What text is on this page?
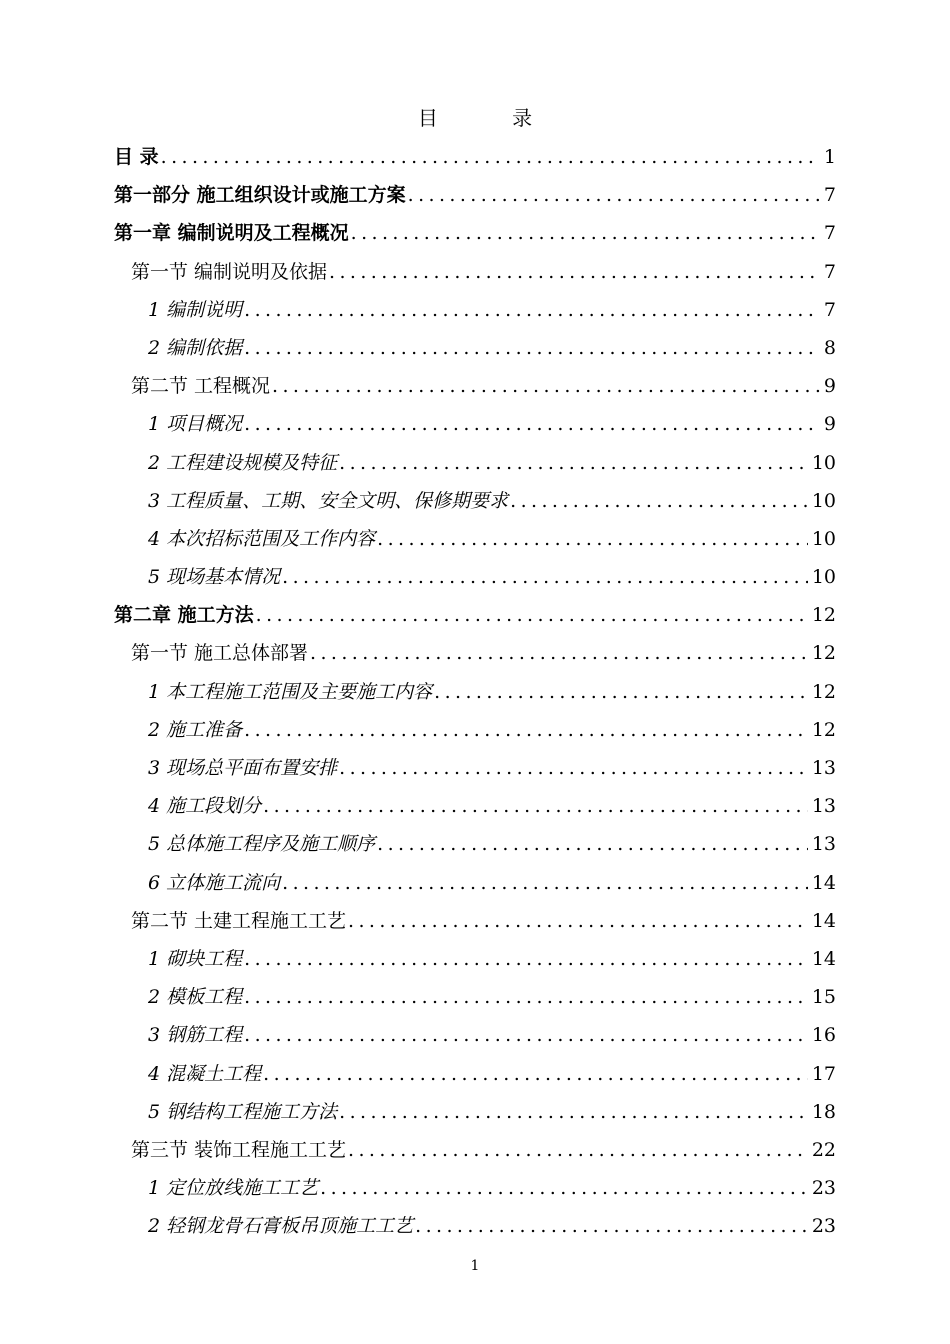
目 录
目 录 .....	1
第一部分 施工组织设计或施工方案 .....	7
第一章 编制说明及工程概况 .....	7
第一节 编制说明及依据 .....	7
1 编制说明 .....	7
2 编制依据 .....	8
第二节 工程概况 .....	9
1 项目概况 .....	9
2 工程建设规模及特征 .....	10
3 工程质量、工期、安全文明、保修期要求 .....	10
4 本次招标范围及工作内容 .....	10
5 现场基本情况 .....	10
第二章 施工方法 .....	12
第一节 施工总体部署 .....	12
1 本工程施工范围及主要施工内容 .....	12
2 施工准备 .....	12
3 现场总平面布置安排 .....	13
4 施工段划分 .....	13
5 总体施工程序及施工顺序 .....	13
6 立体施工流向 .....	14
第二节 土建工程施工工艺 .....	14
1 砌块工程 .....	14
2 模板工程 .....	15
3 钢筋工程 .....	16
4 混凝土工程 .....	17
5 钢结构工程施工方法 .....	18
第三节 装饰工程施工工艺 .....	22
1 定位放线施工工艺 .....	23
2 轻钢龙骨石膏板吊顶施工工艺 .....	23
1
